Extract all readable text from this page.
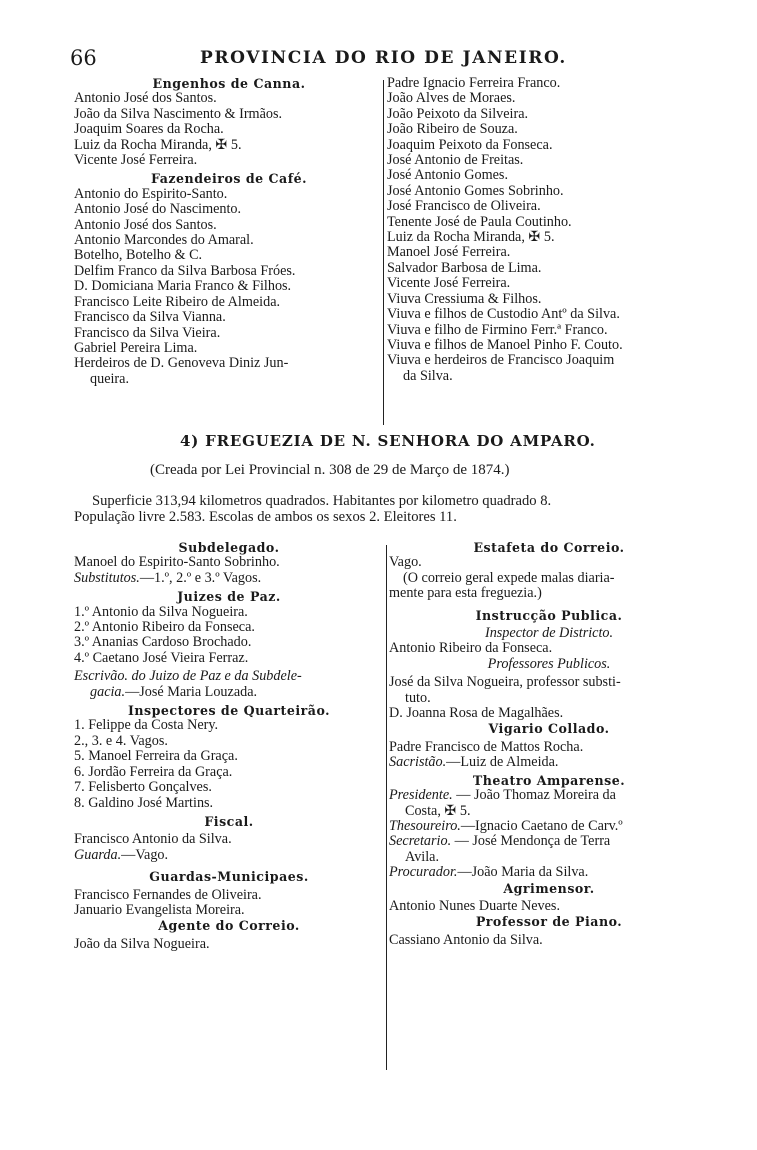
66	PROVINCIA DO RIO DE JANEIRO.
Engenhos de Canna.
Antonio José dos Santos.
João da Silva Nascimento & Irmãos.
Joaquim Soares da Rocha.
Luiz da Rocha Miranda, ✠ 5.
Vicente José Ferreira.
Fazendeiros de Café.
Antonio do Espirito-Santo.
Antonio José do Nascimento.
Antonio José dos Santos.
Antonio Marcondes do Amaral.
Botelho, Botelho & C.
Delfim Franco da Silva Barbosa Fróes.
D. Domiciana Maria Franco & Filhos.
Francisco Leite Ribeiro de Almeida.
Francisco da Silva Vianna.
Francisco da Silva Vieira.
Gabriel Pereira Lima.
Herdeiros de D. Genoveva Diniz Jun-
queira.
Padre Ignacio Ferreira Franco.
João Alves de Moraes.
João Peixoto da Silveira.
João Ribeiro de Souza.
Joaquim Peixoto da Fonseca.
José Antonio de Freitas.
José Antonio Gomes.
José Antonio Gomes Sobrinho.
José Francisco de Oliveira.
Tenente José de Paula Coutinho.
Luiz da Rocha Miranda, ✠ 5.
Manoel José Ferreira.
Salvador Barbosa de Lima.
Vicente José Ferreira.
Viuva Cressiuma & Filhos.
Viuva e filhos de Custodio Antº da Silva.
Viuva e filho de Firmino Ferr.ª Franco.
Viuva e filhos de Manoel Pinho F. Couto.
Viuva e herdeiros de Francisco Joaquim
da Silva.
4) FREGUEZIA DE N. SENHORA DO AMPARO.
(Creada por Lei Provincial n. 308 de 29 de Março de 1874.)
Superficie 313,94 kilometros quadrados. Habitantes por kilometro quadrado 8.
População livre 2.583. Escolas de ambos os sexos 2. Eleitores 11.
Subdelegado.
Manoel do Espirito-Santo Sobrinho.
Substitutos.—1.º, 2.º e 3.º Vagos.
Juizes de Paz.
1.º Antonio da Silva Nogueira.
2.º Antonio Ribeiro da Fonseca.
3.º Ananias Cardoso Brochado.
4.º Caetano José Vieira Ferraz.
Escrivão. do Juizo de Paz e da Subdele-
gacia.—José Maria Louzada.
Inspectores de Quarteirão.
1. Felippe da Costa Nery.
2., 3. e 4. Vagos.
5. Manoel Ferreira da Graça.
6. Jordão Ferreira da Graça.
7. Felisberto Gonçalves.
8. Galdino José Martins.
Fiscal.
Francisco Antonio da Silva.
Guarda.—Vago.
Guardas-Municipaes.
Francisco Fernandes de Oliveira.
Januario Evangelista Moreira.
Agente do Correio.
João da Silva Nogueira.
Estafeta do Correio.
Vago.
(O correio geral expede malas diaria-
mente para esta freguezia.)
Instrucção Publica.
Inspector de Districto.
Antonio Ribeiro da Fonseca.
Professores Publicos.
José da Silva Nogueira, professor substi-
tuto.
D. Joanna Rosa de Magalhães.
Vigario Collado.
Padre Francisco de Mattos Rocha.
Sacristão.—Luiz de Almeida.
Theatro Amparense.
Presidente. — João Thomaz Moreira da
Costa, ✠ 5.
Thesoureiro.—Ignacio Caetano de Carv.º
Secretario. — José Mendonça de Terra
Avila.
Procurador.—João Maria da Silva.
Agrimensor.
Antonio Nunes Duarte Neves.
Professor de Piano.
Cassiano Antonio da Silva.
